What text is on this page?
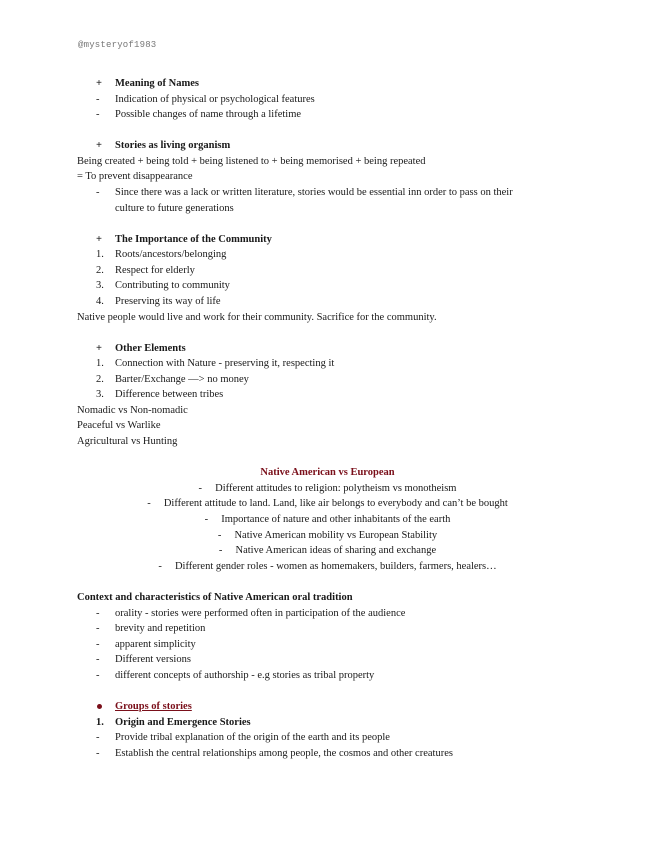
@mysteryof1983
+ Meaning of Names
- Indication of physical or psychological features
- Possible changes of name through a lifetime
+ Stories as living organism
Being created + being told + being listened to + being memorised + being repeated
= To prevent disappearance
- Since there was a lack or written literature, stories would be essential inn order to pass on their
culture to future generations
+ The Importance of the Community
1. Roots/ancestors/belonging
2. Respect for elderly
3. Contributing to community
4. Preserving its way of life
Native people would live and work for their community. Sacrifice for the community.
+ Other Elements
1. Connection with Nature - preserving it, respecting it
2. Barter/Exchange —> no money
3. Difference between tribes
Nomadic vs Non-nomadic
Peaceful vs Warlike
Agricultural vs Hunting
Native American vs European
- Different attitudes to religion: polytheism vs monotheism
- Different attitude to land. Land, like air belongs to everybody and can’t be bought
- Importance of nature and other inhabitants of the earth
- Native American mobility vs European Stability
- Native American ideas of sharing and exchange
- Different gender roles - women as homemakers, builders, farmers, healers…
Context and characteristics of Native American oral tradition
- orality - stories were performed often in participation of the audience
- brevity and repetition
- apparent simplicity
- Different versions
- different concepts of authorship - e.g stories as tribal property
Groups of stories
1. Origin and Emergence Stories
- Provide tribal explanation of the origin of the earth and its people
- Establish the central relationships among people, the cosmos and other creatures
